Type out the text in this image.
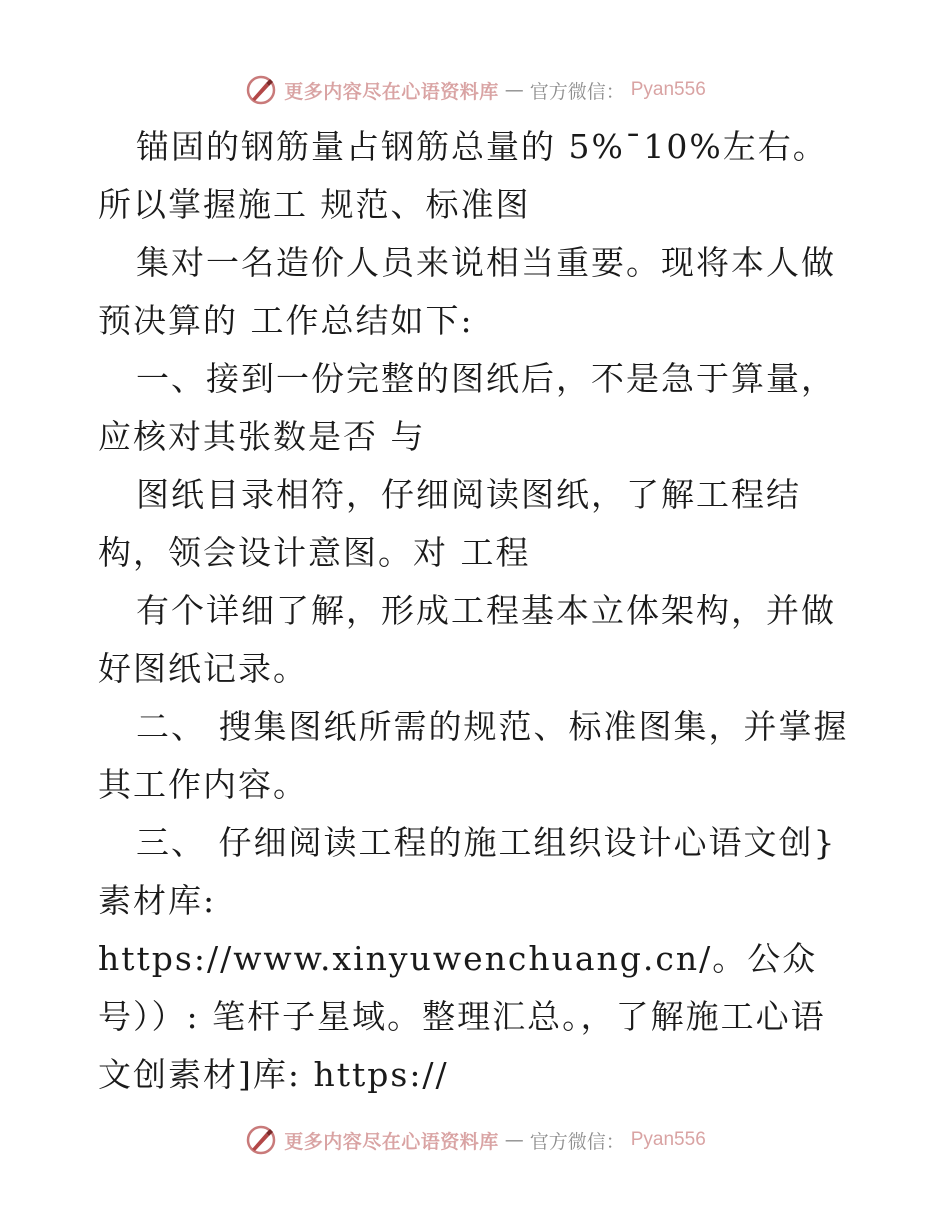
更多内容尽在心语资料库 — 官方微信： Pyan556

锚固的钢筋量占钢筋总量的 5%¯10%左右。所以掌握施工 规范、标准图

集对一名造价人员来说相当重要。现将本人做预决算的 工作总结如下:

一、接到一份完整的图纸后，不是急于算量，应核对其张数是否 与

图纸目录相符，仔细阅读图纸，了解工程结构，领会设计意图。对 工程

有个详细了解，形成工程基本立体架构，并做好图纸记录。

二、 搜集图纸所需的规范、标准图集，并掌握其工作内容。

三、 仔细阅读工程的施工组织设计心语文创}素材库: https://www.xinyuwenchuang.cn/。公众号））: 笔杆子星域。整理汇总。，了解施工心语文创素材]库: https://

更多内容尽在心语资料库 — 官方微信： Pyan556
